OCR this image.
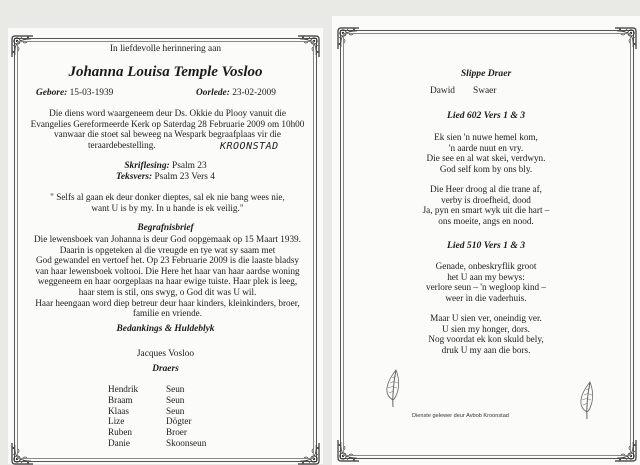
In liefdevolle herinnering aan
Johanna Louisa Temple Vosloo
Gebore: 15-03-1939	Oorlede: 23-02-2009
Die diens word waargeneem deur Ds. Okkie du Plooy vanuit die
Evangelies Gereformeerde Kerk op Saterdag 28 Februarie 2009 om 10h00
vanwaar die stoet sal beweeg na Wespark begraafplaas vir die
teraardebestelling.	KROONSTAD
Skriflesing: Psalm 23
Teksvers: Psalm 23 Vers 4
" Selfs al gaan ek deur donker dieptes, sal ek nie bang wees nie,
want U is by my. In u hande is ek veilig."
Begrafnisbrief
Die lewensboek van Johanna is deur God oopgemaak op 15 Maart 1939.
Daarin is opgeteken al die vreugde en tye wat sy saam met
God gewandel en vertoef het. Op 23 Februarie 2009 is die laaste bladsy
van haar lewensboek voltooi. Die Here het haar van haar aardse woning
weggeneem en haar oorgeplaas na haar ewige tuiste. Haar plek is leeg,
haar stem is stil, ons swyg, o God dit was U wil.
Haar heengaan word diep betreur deur haar kinders, kleinkinders, broer,
familie en vriende.
Bedankings & Huldeblyk
Jacques Vosloo
Draers
Hendrik	Seun
Braam	Seun
Klaas	Seun
Lize	Dögter
Ruben	Broer
Danie	Skoonseun
Slippe Draer
Dawid Swaer
Lied 602 Vers 1 & 3
Ek sien 'n nuwe hemel kom,
'n aarde nuut en vry.
Die see en al wat skei, verdwyn.
God self kom by ons bly.
Die Heer droog al die trane af,
verby is droefheid, dood
Ja, pyn en smart wyk uit die hart –
ons moeite, angs en nood.
Lied 510 Vers 1 & 3
Genade, onbeskryflik groot
het U aan my bewys:
verlore seun – 'n wegloop kind –
weer in die vaderhuis.
Maar U sien ver, oneindig ver.
U sien my honger, dors.
Nog voordat ek kon skuld bely,
druk U my aan die bors.
Dienste gelewer deur Avbob Kroonstad
